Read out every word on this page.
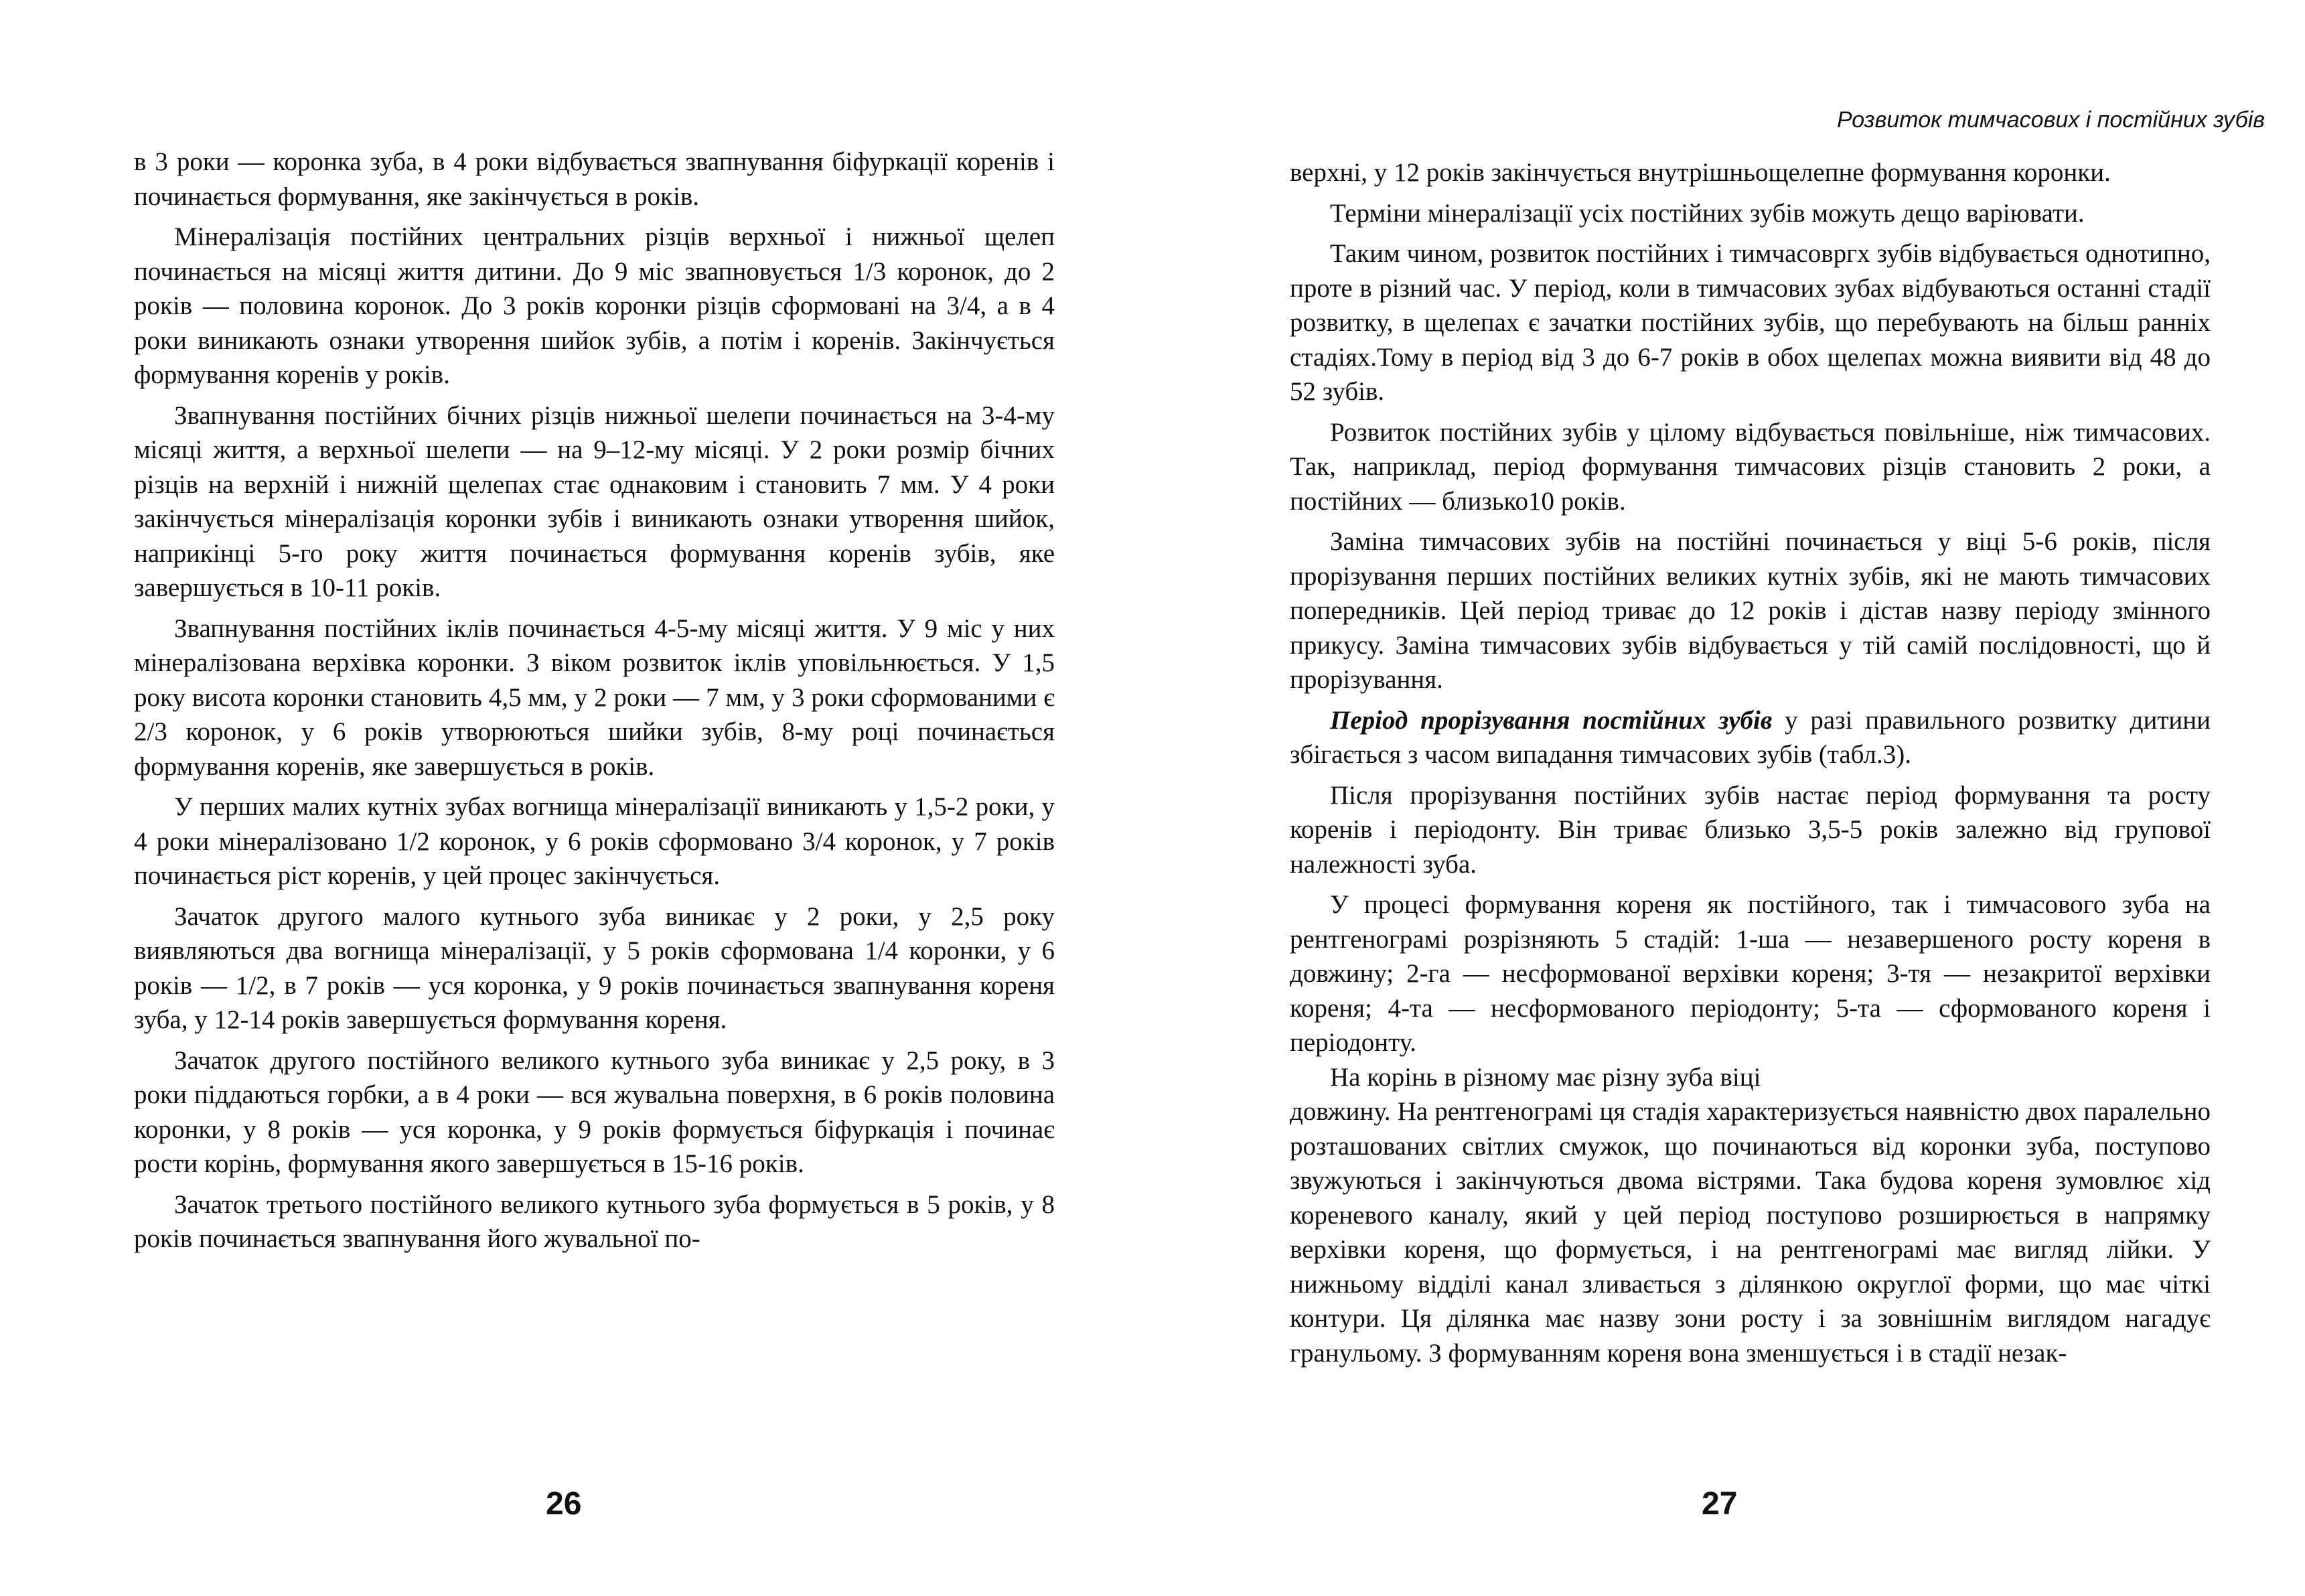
в 3 роки — коронка зуба, в 4 роки відбувається звапнування біфуркації коренів і починається формування, яке закінчується в років.

Мінералізація постійних центральних різців верхньої і нижньої щелеп починається на місяці життя дитини. До 9 міс звапновується 1/3 коронок, до 2 років — половина коронок. До 3 років коронки різців сформовані на 3/4, а в 4 роки виникають ознаки утворення шийок зубів, а потім і коренів. Закінчується формування коренів у років.

Звапнування постійних бічних різців нижньої шелепи починається на 3-4-му місяці життя, а верхньої шелепи — на 9–12-му місяці. У 2 роки розмір бічних різців на верхній і нижній щелепах стає однаковим і становить 7 мм. У 4 роки закінчується мінералізація коронки зубів і виникають ознаки утворення шийок, наприкінці 5-го року життя починається формування коренів зубів, яке завершується в 10-11 років.

Звапнування постійних іклів починається 4-5-му місяці життя. У 9 міс у них мінералізована верхівка коронки. З віком розвиток іклів уповільнюється. У 1,5 року висота коронки становить 4,5 мм, у 2 роки — 7 мм, у 3 роки сформованими є 2/3 коронок, у 6 років утворюються шийки зубів, 8-му році починається формування коренів, яке завершується в років.

У перших малих кутніх зубах вогнища мінералізації виникають у 1,5-2 роки, у 4 роки мінералізовано 1/2 коронок, у 6 років сформовано 3/4 коронок, у 7 років починається ріст коренів, у цей процес закінчується.

Зачаток другого малого кутнього зуба виникає у 2 роки, у 2,5 року виявляються два вогнища мінералізації, у 5 років сформована 1/4 коронки, у 6 років — 1/2, в 7 років — уся коронка, у 9 років починається звапнування кореня зуба, у 12-14 років завершується формування кореня.

Зачаток другого постійного великого кутнього зуба виникає у 2,5 року, в 3 роки піддаються горбки, а в 4 роки — вся жувальна поверхня, в 6 років половина коронки, у 8 років — уся коронка, у 9 років формується біфуркація і починає рости корінь, формування якого завершується в 15-16 років.

Зачаток третього постійного великого кутнього зуба формується в 5 років, у 8 років починається звапнування його жувальної по-

26
Розвиток тимчасових і постійних зубів

верхні, у 12 років закінчується внутрішньощелепне формування коронки.

Терміни мінералізації усіх постійних зубів можуть дещо варіювати.

Таким чином, розвиток постійних і тимчасовргх зубів відбувається однотипно, проте в різний час. У період, коли в тимчасових зубах відбуваються останні стадії розвитку, в щелепах є зачатки постійних зубів, що перебувають на більш ранніх стадіях.Тому в період від 3 до 6-7 років в обох щелепах можна виявити від 48 до 52 зубів.

Розвиток постійних зубів у цілому відбувається повільніше, ніж тимчасових. Так, наприклад, період формування тимчасових різців становить 2 роки, а постійних — близько10 років.

Заміна тимчасових зубів на постійні починається у віці 5-6 років, після прорізування перших постійних великих кутніх зубів, які не мають тимчасових попередників. Цей період триває до 12 років і дістав назву періоду змінного прикусу. Заміна тимчасових зубів відбувається у тій самій послідовності, що й прорізування.

Період прорізування постійних зубів у разі правильного розвитку дитини збігається з часом випадання тимчасових зубів (табл.3).

Після прорізування постійних зубів настає період формування та росту коренів і періодонту. Він триває близько 3,5-5 років залежно від групової належності зуба.

У процесі формування кореня як постійного, так і тимчасового зуба на рентгенограмі розрізняють 5 стадій: 1-ша — незавершеного росту кореня в довжину; 2-га — несформованої верхівки кореня; 3-тя — незакритої верхівки кореня; 4-та — несформованого періодонту; 5-та — сформованого кореня і періодонту.

На корінь в різному має різну зуба віці

довжину. На рентгенограмі ця стадія характеризується наявністю двох паралельно розташованих світлих смужок, що починаються від коронки зуба, поступово звужуються і закінчуються двома вістрями. Така будова кореня зумовлює хід кореневого каналу, який у цей період поступово розширюється в напрямку верхівки кореня, що формується, і на рентгенограмі має вигляд лійки. У нижньому відділі канал зливається з ділянкою округлої форми, що має чіткі контури. Ця ділянка має назву зони росту і за зовнішнім виглядом нагадує гранульому. З формуванням кореня вона зменшується і в стадії незак-

27
